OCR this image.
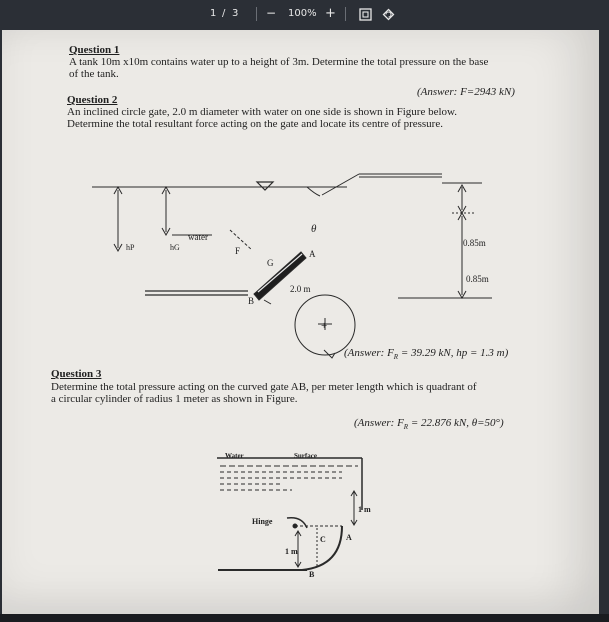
1 / 3 − 100% +
Question 1
A tank 10m x10m contains water up to a height of 3m. Determine the total pressure on the base
of the tank.
(Answer: F=2943 kN)
Question 2
An inclined circle gate, 2.0 m diameter with water on one side is shown in Figure below.
Determine the total resultant force acting on the gate and locate its centre of pressure.
hP	hG
water
F
G
A
B
θ
2.0 m
0.85m
0.85m
+
(Answer: $F_R = 39.29$ kN, hp = 1.3 m)
Question 3
Determine the total pressure acting on the curved gate AB, per meter length which is quadrant of
a circular cylinder of radius 1 meter as shown in Figure.
(Answer: $F_R = 22.876$ kN, θ=50°)
Water	Surface
Hinge
C	A
B
1 m
1 m
